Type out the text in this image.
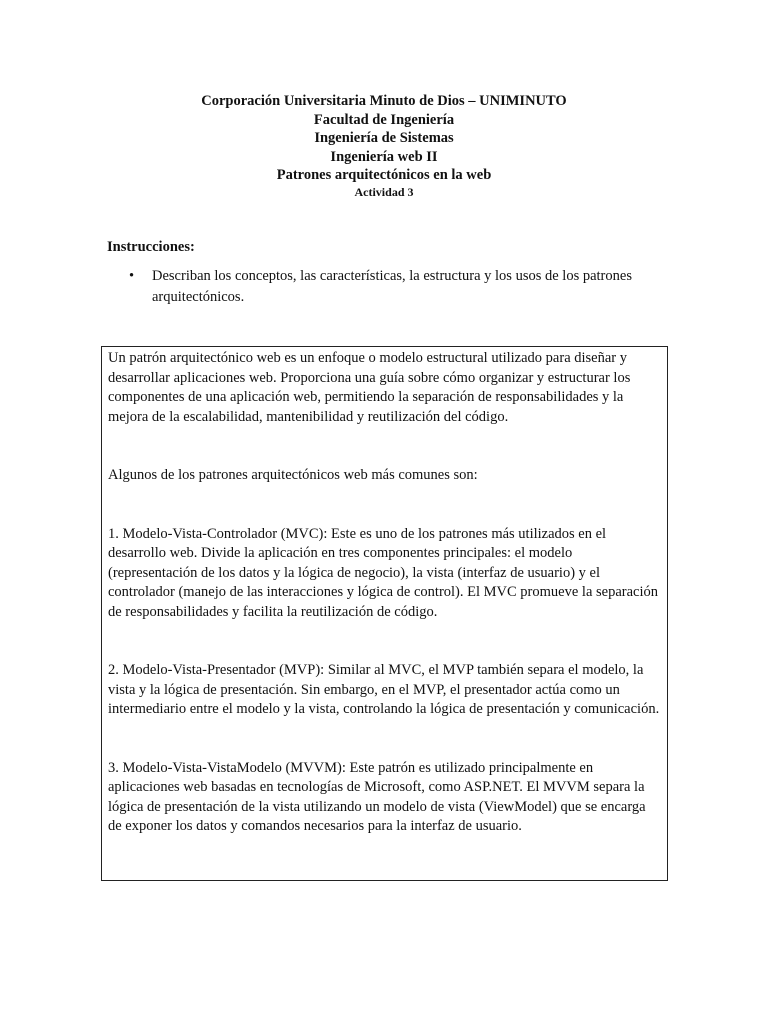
Corporación Universitaria Minuto de Dios – UNIMINUTO
Facultad de Ingeniería
Ingeniería de Sistemas
Ingeniería web II
Patrones arquitectónicos en la web
Actividad 3
Instrucciones:
• Describan los conceptos, las características, la estructura y los usos de los patrones arquitectónicos.

Un patrón arquitectónico web es un enfoque o modelo estructural utilizado para diseñar y desarrollar aplicaciones web. Proporciona una guía sobre cómo organizar y estructurar los componentes de una aplicación web, permitiendo la separación de responsabilidades y la mejora de la escalabilidad, mantenibilidad y reutilización del código.

Algunos de los patrones arquitectónicos web más comunes son:

1. Modelo-Vista-Controlador (MVC): Este es uno de los patrones más utilizados en el desarrollo web. Divide la aplicación en tres componentes principales: el modelo (representación de los datos y la lógica de negocio), la vista (interfaz de usuario) y el controlador (manejo de las interacciones y lógica de control). El MVC promueve la separación de responsabilidades y facilita la reutilización de código.

2. Modelo-Vista-Presentador (MVP): Similar al MVC, el MVP también separa el modelo, la vista y la lógica de presentación. Sin embargo, en el MVP, el presentador actúa como un intermediario entre el modelo y la vista, controlando la lógica de presentación y comunicación.

3. Modelo-Vista-VistaModelo (MVVM): Este patrón es utilizado principalmente en aplicaciones web basadas en tecnologías de Microsoft, como ASP.NET. El MVVM separa la lógica de presentación de la vista utilizando un modelo de vista (ViewModel) que se encarga de exponer los datos y comandos necesarios para la interfaz de usuario.
